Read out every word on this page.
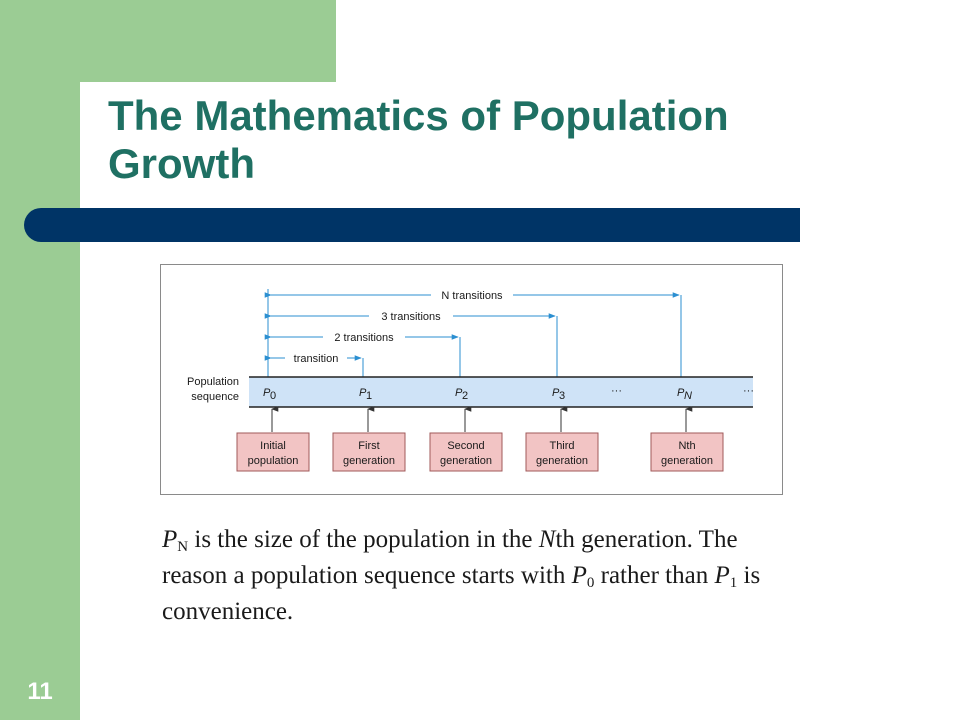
The Mathematics of Population Growth
N transitions
3 transitions
2 transitions
transition
Population
sequence P 0	P 1	P 2	P 3	···	P N	···
Initial
population
First
generation
Second
generation
Third
generation
Nth
generation

$P_N$ is the size of the population in the Nth generation. The reason a population sequence starts with $P_0$ rather than $P_1$ is convenience.

11
